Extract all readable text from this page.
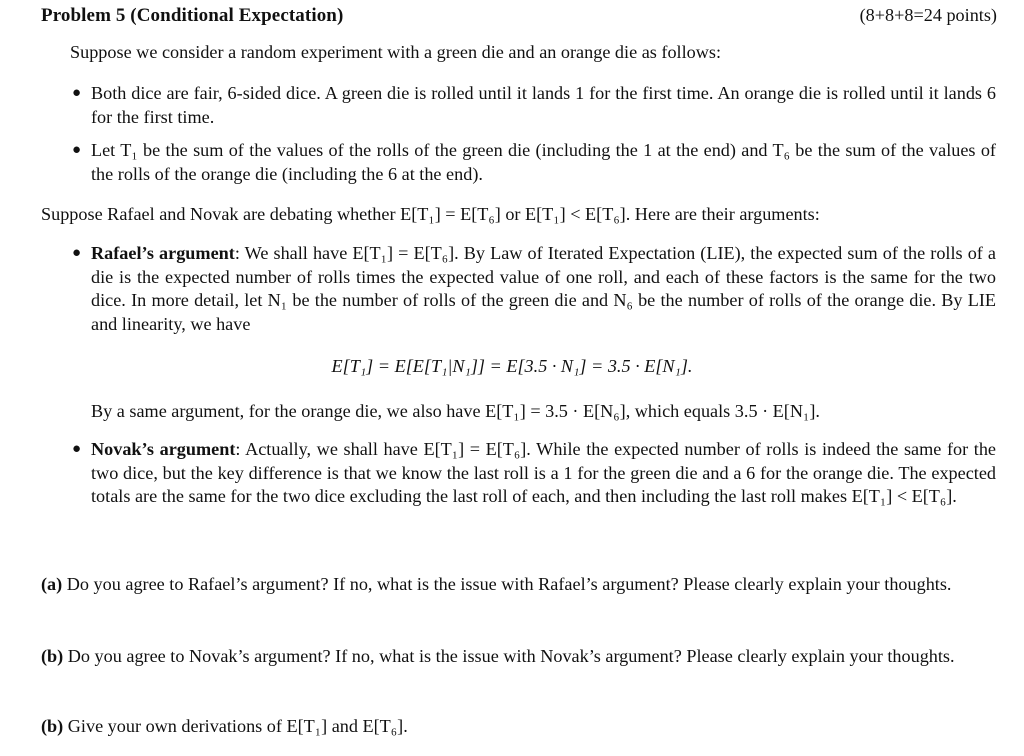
Problem 5 (Conditional Expectation)	(8+8+8=24 points)
Suppose we consider a random experiment with a green die and an orange die as follows:
● Both dice are fair, 6-sided dice. A green die is rolled until it lands 1 for the first time. An orange die is rolled until it lands 6 for the first time.
● Let T₁ be the sum of the values of the rolls of the green die (including the 1 at the end) and T₆ be the sum of the values of the rolls of the orange die (including the 6 at the end).
Suppose Rafael and Novak are debating whether E[T₁] = E[T₆] or E[T₁] < E[T₆]. Here are their arguments:
● Rafael’s argument: We shall have E[T₁] = E[T₆]. By Law of Iterated Expectation (LIE), the expected sum of the rolls of a die is the expected number of rolls times the expected value of one roll, and each of these factors is the same for the two dice. In more detail, let N₁ be the number of rolls of the green die and N₆ be the number of rolls of the orange die. By LIE and linearity, we have
E[T₁] = E[E[T₁|N₁]] = E[3.5 · N₁] = 3.5 · E[N₁].
By a same argument, for the orange die, we also have E[T₁] = 3.5 · E[N₆], which equals 3.5 · E[N₁].
● Novak’s argument: Actually, we shall have E[T₁] = E[T₆]. While the expected number of rolls is indeed the same for the two dice, but the key difference is that we know the last roll is a 1 for the green die and a 6 for the orange die. The expected totals are the same for the two dice excluding the last roll of each, and then including the last roll makes E[T₁] < E[T₆].
(a) Do you agree to Rafael’s argument? If no, what is the issue with Rafael’s argument? Please clearly explain your thoughts.
(b) Do you agree to Novak’s argument? If no, what is the issue with Novak’s argument? Please clearly explain your thoughts.
(b) Give your own derivations of E[T₁] and E[T₆].
